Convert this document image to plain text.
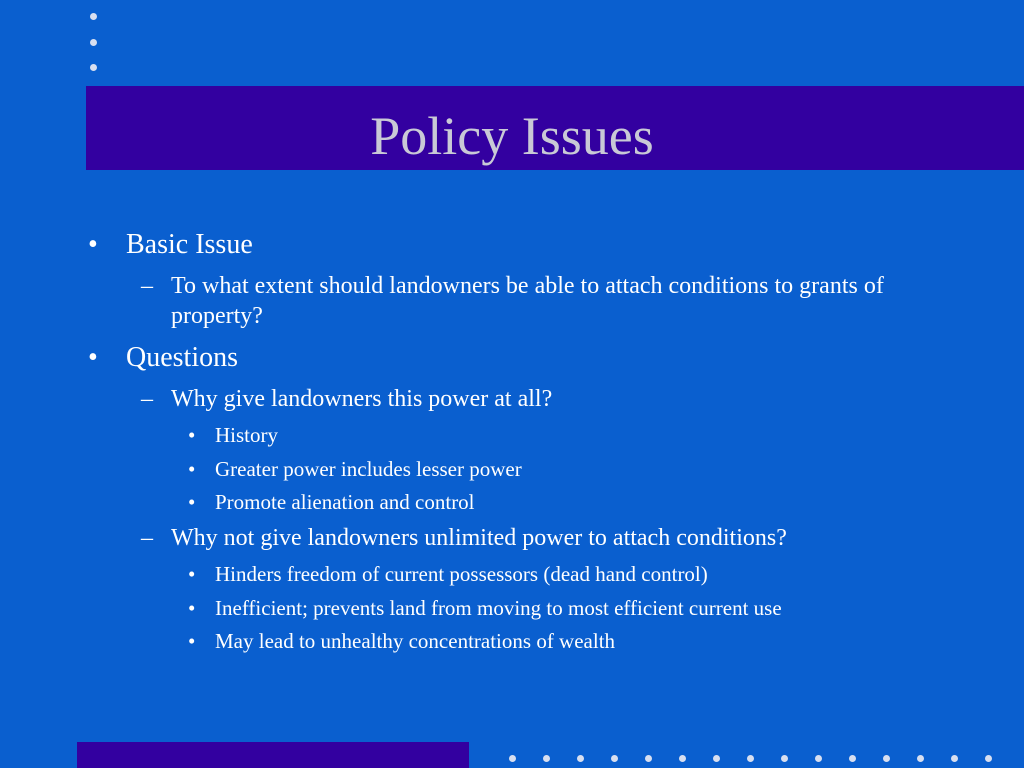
Policy Issues
• Basic Issue

– To what extent should landowners be able to attach conditions to grants of property?

• Questions

– Why give landowners this power at all?

• History

• Greater power includes lesser power

• Promote alienation and control

– Why not give landowners unlimited power to attach conditions?

• Hinders freedom of current possessors (dead hand control)

• Inefficient; prevents land from moving to most efficient current use

• May lead to unhealthy concentrations of wealth
